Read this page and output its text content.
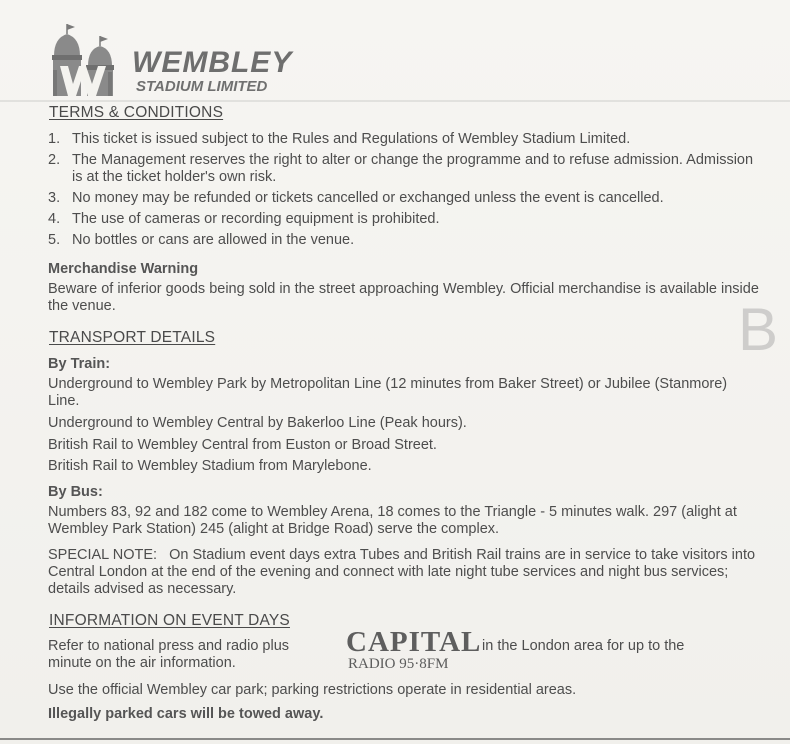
B
WEMBLEY
STADIUM LIMITED
TERMS & CONDITIONS
1. This ticket is issued subject to the Rules and Regulations of Wembley Stadium Limited.
2. The Management reserves the right to alter or change the programme and to refuse admission. Admission is at the ticket holder's own risk.
3. No money may be refunded or tickets cancelled or exchanged unless the event is cancelled.
4. The use of cameras or recording equipment is prohibited.
5. No bottles or cans are allowed in the venue.
Merchandise Warning
Beware of inferior goods being sold in the street approaching Wembley. Official merchandise is available inside the venue.
TRANSPORT DETAILS
By Train:
Underground to Wembley Park by Metropolitan Line (12 minutes from Baker Street) or Jubilee (Stanmore) Line.
Underground to Wembley Central by Bakerloo Line (Peak hours).
British Rail to Wembley Central from Euston or Broad Street.
British Rail to Wembley Stadium from Marylebone.
By Bus:
Numbers 83, 92 and 182 come to Wembley Arena, 18 comes to the Triangle - 5 minutes walk. 297 (alight at Wembley Park Station) 245 (alight at Bridge Road) serve the complex.
SPECIAL NOTE:   On Stadium event days extra Tubes and British Rail trains are in service to take visitors into Central London at the end of the evening and connect with late night tube services and night bus services; details advised as necessary.
INFORMATION ON EVENT DAYS
Refer to national press and radio plus	CAPITAL
RADIO 95·8FM
in the London area for up to the
minute on the air information.
Use the official Wembley car park; parking restrictions operate in residential areas.
Illegally parked cars will be towed away.
